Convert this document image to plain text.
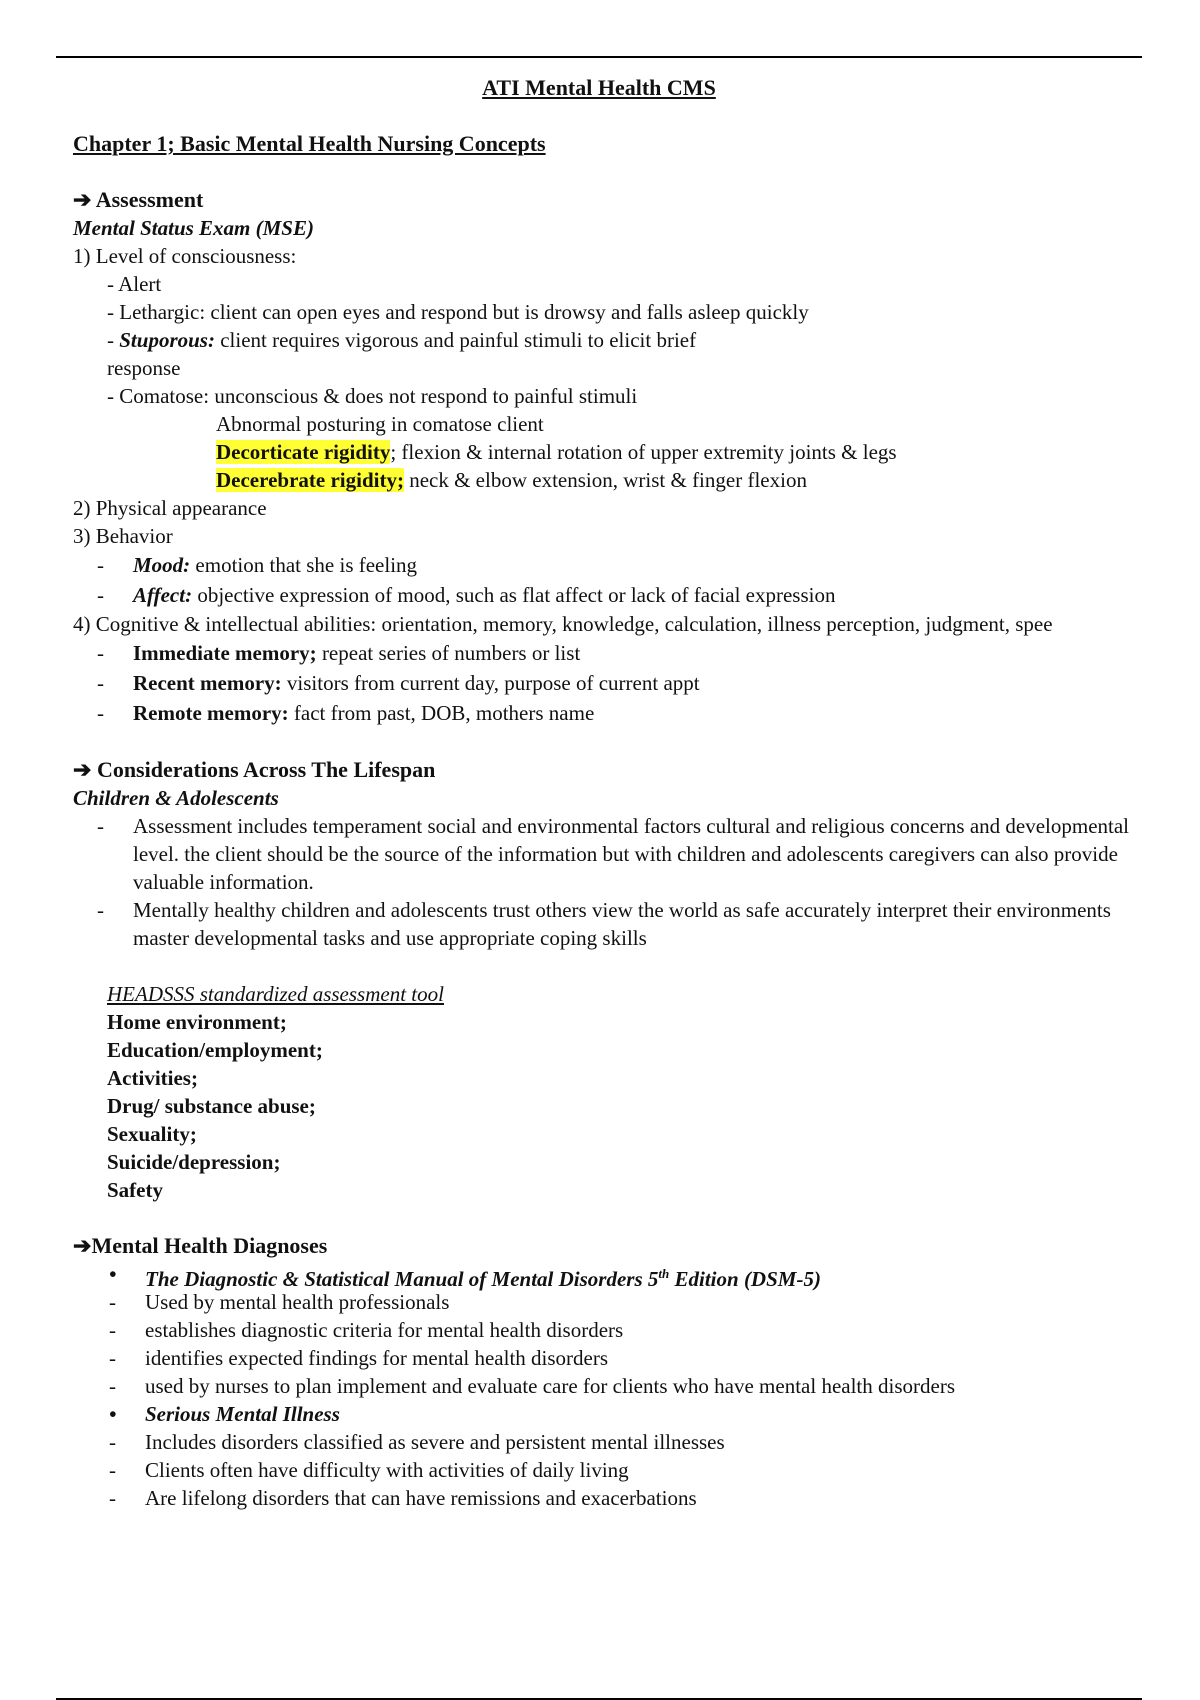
ATI Mental Health CMS
Chapter 1; Basic Mental Health Nursing Concepts
➔ Assessment
Mental Status Exam (MSE)
1) Level of consciousness:
- Alert
- Lethargic: client can open eyes and respond but is drowsy and falls asleep quickly
- Stuporous: client requires vigorous and painful stimuli to elicit brief
response
- Comatose: unconscious & does not respond to painful stimuli
Abnormal posturing in comatose client
Decorticate rigidity; flexion & internal rotation of upper extremity joints & legs
Decerebrate rigidity; neck & elbow extension, wrist & finger flexion
2) Physical appearance
3) Behavior
- Mood: emotion that she is feeling
- Affect: objective expression of mood, such as flat affect or lack of facial expression
4) Cognitive & intellectual abilities: orientation, memory, knowledge, calculation, illness perception, judgment, spee
- Immediate memory; repeat series of numbers or list
- Recent memory: visitors from current day, purpose of current appt
- Remote memory: fact from past, DOB, mothers name
➔ Considerations Across The Lifespan
Children & Adolescents
- Assessment includes temperament social and environmental factors cultural and religious concerns and developmental level. the client should be the source of the information but with children and adolescents caregivers can also provide valuable information.
- Mentally healthy children and adolescents trust others view the world as safe accurately interpret their environments master developmental tasks and use appropriate coping skills
HEADSSS standardized assessment tool
Home environment;
Education/employment;
Activities;
Drug/ substance abuse;
Sexuality;
Suicide/depression;
Safety
➔Mental Health Diagnoses
• The Diagnostic & Statistical Manual of Mental Disorders 5th Edition (DSM-5)
- Used by mental health professionals
- establishes diagnostic criteria for mental health disorders
- identifies expected findings for mental health disorders
- used by nurses to plan implement and evaluate care for clients who have mental health disorders
• Serious Mental Illness
- Includes disorders classified as severe and persistent mental illnesses
- Clients often have difficulty with activities of daily living
- Are lifelong disorders that can have remissions and exacerbations
